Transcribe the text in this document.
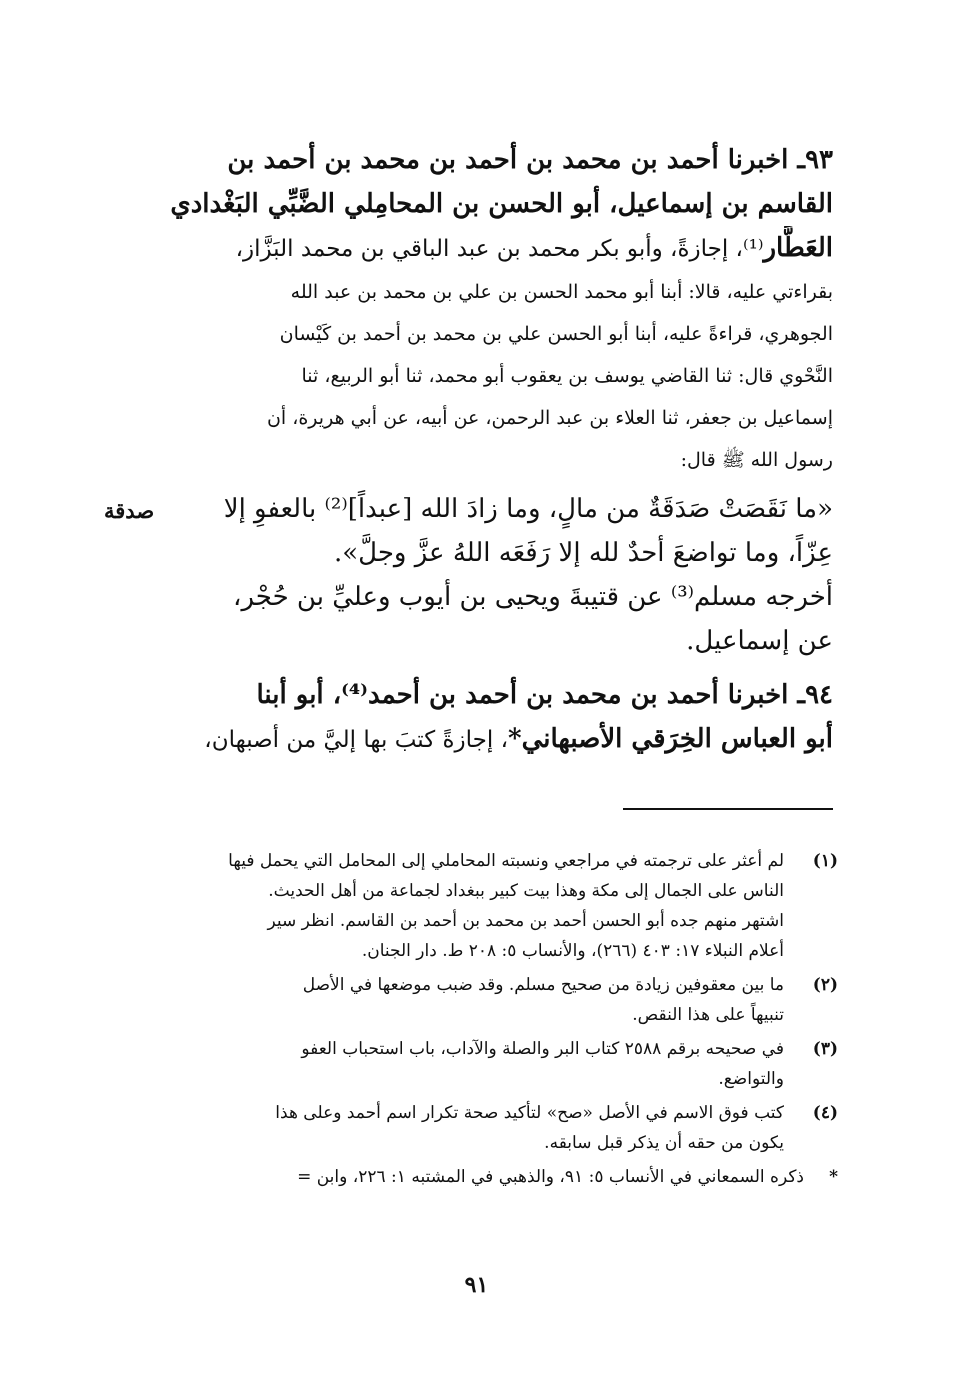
٩٣ـ اخبرنا أحمد بن محمد بن أحمد بن محمد بن أحمد بن
القاسم بن إسماعيل، أبو الحسن بن المحامِلي الضَّبِّي البَغْدادي
العَطَّار⁽¹⁾، إجازةً، وأبو بكر محمد بن عبد الباقي بن محمد البَزَّاز،
بقراءتي عليه، قالا: أبنا أبو محمد الحسن بن علي بن محمد بن عبد الله
الجوهري، قراءةً عليه، أبنا أبو الحسن علي بن محمد بن أحمد بن كَيْسان
النَّحْوي قال: ثنا القاضي يوسف بن يعقوب أبو محمد، ثنا أبو الربيع، ثنا
إسماعيل بن جعفر، ثنا العلاء بن عبد الرحمن، عن أبيه، عن أبي هريرة، أن
رسول الله ﷺ قال:
«ما نَقَصَتْ صَدَقَةٌ من مالٍ، وما زادَ الله [عبداً]⁽²⁾ بالعفوِ إلا
عِزّاً، وما تواضعَ أحدٌ لله إلا رَفَعَه اللهُ عزَّ وجلَّ».
أخرجه مسلم⁽³⁾ عن قتيبةَ ويحيى بن أيوب وعليِّ بن حُجْر،
عن إسماعيل.
٩٤ـ اخبرنا أحمد بن محمد بن أحمد بن أحمد⁽⁴⁾، أبو أبنا
أبو العباس الخِرَقي الأصبهاني*، إجازةً كتبَ بها إليَّ من أصبهان،
صدقة
(١)
لم أعثر على ترجمته في مراجعي ونسبته المحاملي إلى المحامل التي يحمل فيها
الناس على الجمال إلى مكة وهذا بيت كبير ببغداد لجماعة من أهل الحديث.
اشتهر منهم جده أبو الحسن أحمد بن محمد بن أحمد بن القاسم. انظر سير
أعلام النبلاء ١٧: ٤٠٣ (٢٦٦)، والأنساب ٥: ٢٠٨ ط. دار الجنان.
(٢)
ما بين معقوفين زيادة من صحيح مسلم. وقد ضبب موضعها في الأصل
تنبيهاً على هذا النقص.
(٣)
في صحيحه برقم ٢٥٨٨ كتاب البر والصلة والآداب، باب استحباب العفو
والتواضع.
(٤)
كتب فوق الاسم في الأصل «صح» لتأكيد صحة تكرار اسم أحمد وعلى هذا
يكون من حقه أن يذكر قبل سابقه.
*
ذكره السمعاني في الأنساب ٥: ٩١، والذهبي في المشتبه ١: ٢٢٦، وابن =
٩١
